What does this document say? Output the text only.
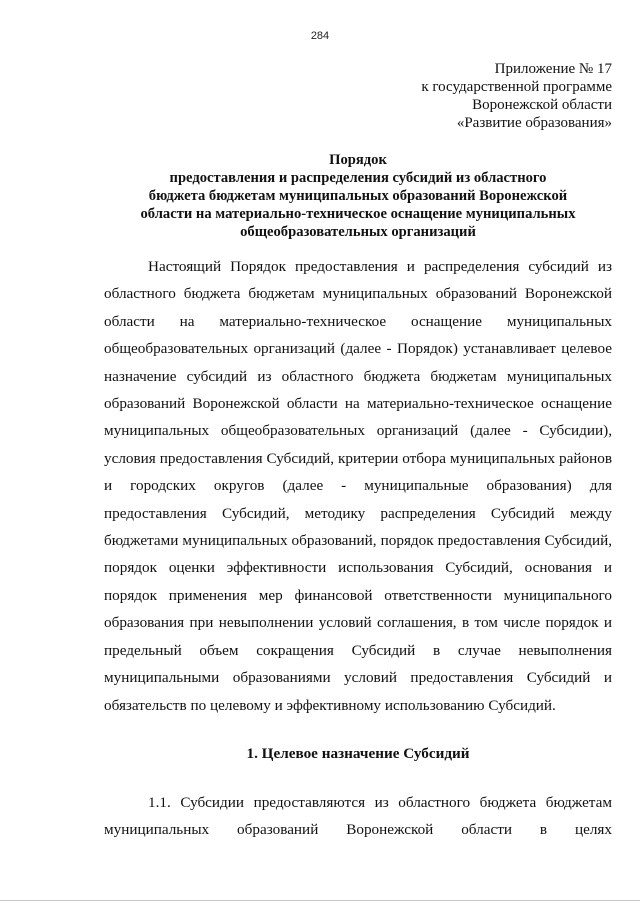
284
Приложение № 17
к государственной программе
Воронежской области
«Развитие образования»
Порядок
предоставления и распределения субсидий из областного
бюджета бюджетам муниципальных образований Воронежской
области на материально-техническое оснащение муниципальных
общеобразовательных организаций
Настоящий Порядок предоставления и распределения субсидий из областного бюджета бюджетам муниципальных образований Воронежской области на материально-техническое оснащение муниципальных общеобразовательных организаций (далее - Порядок) устанавливает целевое назначение субсидий из областного бюджета бюджетам муниципальных образований Воронежской области на материально-техническое оснащение муниципальных общеобразовательных организаций (далее - Субсидии), условия предоставления Субсидий, критерии отбора муниципальных районов и городских округов (далее - муниципальные образования) для предоставления Субсидий, методику распределения Субсидий между бюджетами муниципальных образований, порядок предоставления Субсидий, порядок оценки эффективности использования Субсидий, основания и порядок применения мер финансовой ответственности муниципального образования при невыполнении условий соглашения, в том числе порядок и предельный объем сокращения Субсидий в случае невыполнения муниципальными образованиями условий предоставления Субсидий и обязательств по целевому и эффективному использованию Субсидий.
1. Целевое назначение Субсидий
1.1. Субсидии предоставляются из областного бюджета бюджетам муниципальных образований Воронежской области в целях
